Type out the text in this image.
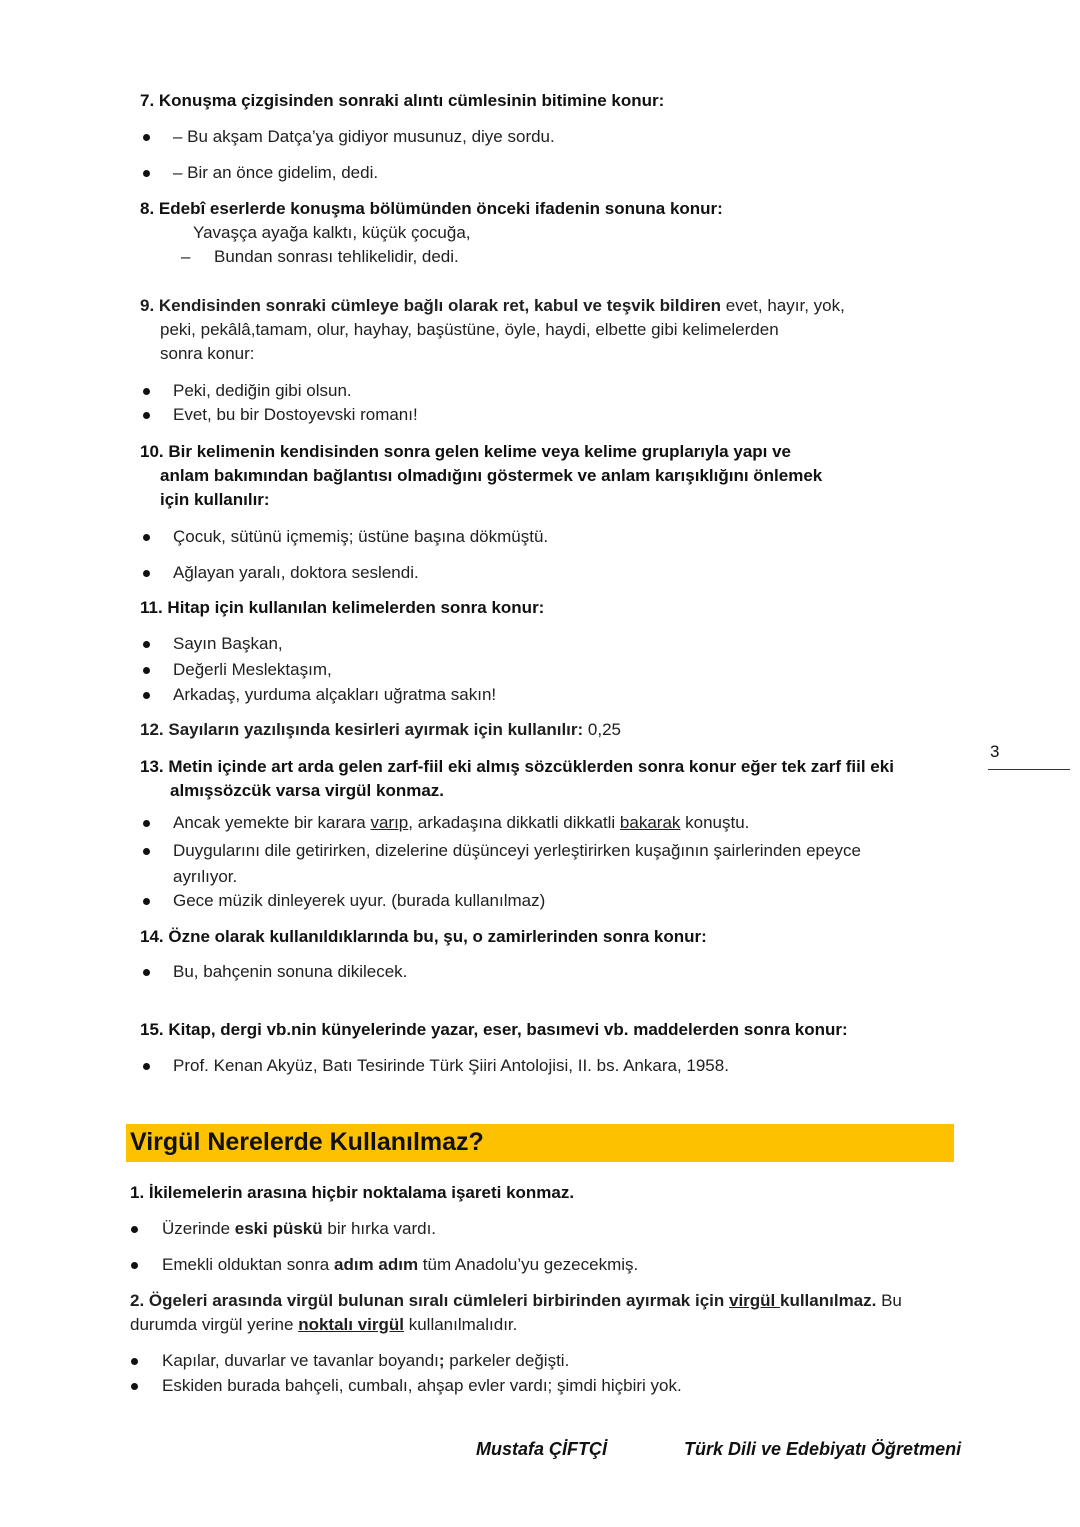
7. Konuşma çizgisinden sonraki alıntı cümlesinin bitimine konur:
– Bu akşam Datça’ya gidiyor musunuz, diye sordu.
– Bir an önce gidelim, dedi.
8. Edebî eserlerde konuşma bölümünden önceki ifadenin sonuna konur:
Yavaşça ayağa kalktı, küçük çocuğa,
– Bundan sonrası tehlikelidir, dedi.
9. Kendisinden sonraki cümleye bağlı olarak ret, kabul ve teşvik bildiren evet, hayır, yok,
peki, pekâlâ,tamam, olur, hayhay, başüstüne, öyle, haydi, elbette gibi kelimelerden
sonra konur:
Peki, dediğin gibi olsun.
Evet, bu bir Dostoyevski romanı!
10. Bir kelimenin kendisinden sonra gelen kelime veya kelime gruplarıyla yapı ve
anlam bakımından bağlantısı olmadığını göstermek ve anlam karışıklığını önlemek
için kullanılır:
Çocuk, sütünü içmemiş; üstüne başına dökmüştü.
Ağlayan yaralı, doktora seslendi.
11. Hitap için kullanılan kelimelerden sonra konur:
Sayın Başkan,
Değerli Meslektaşım,
Arkadaş, yurduma alçakları uğratma sakın!
12. Sayıların yazılışında kesirleri ayırmak için kullanılır: 0,25
13. Metin içinde art arda gelen zarf-fiil eki almış sözcüklerden sonra konur eğer tek zarf fiil eki
almışsözcük varsa virgül konmaz.
Ancak yemekte bir karara varıp, arkadaşına dikkatli dikkatli bakarak konuştu.
Duygularını dile getirirken, dizelerine düşünceyi yerleştirirken kuşağının şairlerinden epeyce
ayrılıyor.
Gece müzik dinleyerek uyur. (burada kullanılmaz)
14. Özne olarak kullanıldıklarında bu, şu, o zamirlerinden sonra konur:
Bu, bahçenin sonuna dikilecek.
15. Kitap, dergi vb.nin künyelerinde yazar, eser, basımevi vb. maddelerden sonra konur:
Prof. Kenan Akyüz, Batı Tesirinde Türk Şiiri Antolojisi, II. bs. Ankara, 1958.
3
Virgül Nerelerde Kullanılmaz?
1. İkilemelerin arasına hiçbir noktalama işareti konmaz.
Üzerinde eski püskü bir hırka vardı.
Emekli olduktan sonra adım adım tüm Anadolu’yu gezecekmiş.
2. Ögeleri arasında virgül bulunan sıralı cümleleri birbirinden ayırmak için virgül kullanılmaz. Bu
durumda virgül yerine noktalı virgül kullanılmalıdır.
Kapılar, duvarlar ve tavanlar boyandı; parkeler değişti.
Eskiden burada bahçeli, cumbalı, ahşap evler vardı; şimdi hiçbiri yok.
Mustafa ÇİFTÇİ	Türk Dili ve Edebiyatı Öğretmeni
